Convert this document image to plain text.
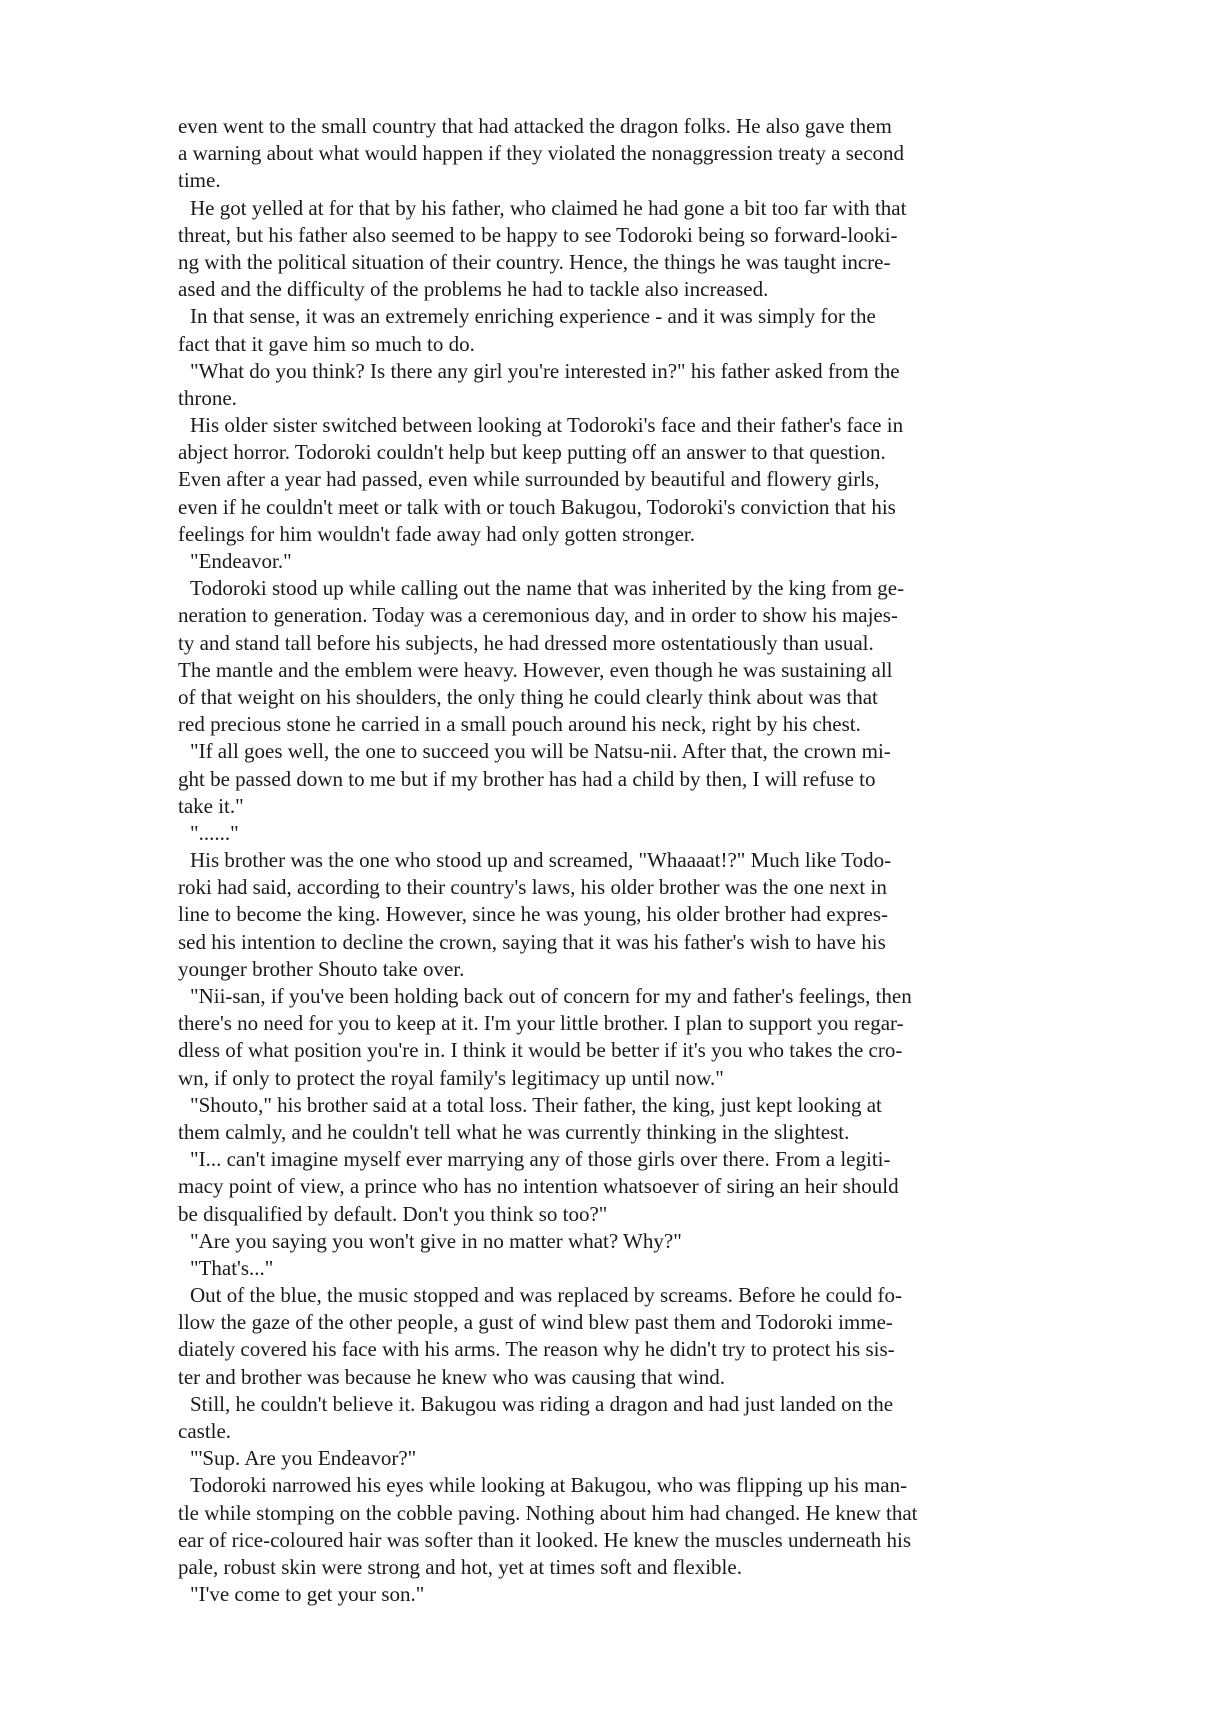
even went to the small country that had attacked the dragon folks. He also gave them
a warning about what would happen if they violated the nonaggression treaty a second
time.
He got yelled at for that by his father, who claimed he had gone a bit too far with that
threat, but his father also seemed to be happy to see Todoroki being so forward-looki-
ng with the political situation of their country. Hence, the things he was taught incre-
ased and the difficulty of the problems he had to tackle also increased.
In that sense, it was an extremely enriching experience - and it was simply for the
fact that it gave him so much to do.
"What do you think? Is there any girl you're interested in?" his father asked from the
throne.
His older sister switched between looking at Todoroki's face and their father's face in
abject horror. Todoroki couldn't help but keep putting off an answer to that question.
Even after a year had passed, even while surrounded by beautiful and flowery girls,
even if he couldn't meet or talk with or touch Bakugou, Todoroki's conviction that his
feelings for him wouldn't fade away had only gotten stronger.
"Endeavor."
Todoroki stood up while calling out the name that was inherited by the king from ge-
neration to generation. Today was a ceremonious day, and in order to show his majes-
ty and stand tall before his subjects, he had dressed more ostentatiously than usual.
The mantle and the emblem were heavy. However, even though he was sustaining all
of that weight on his shoulders, the only thing he could clearly think about was that
red precious stone he carried in a small pouch around his neck, right by his chest.
"If all goes well, the one to succeed you will be Natsu-nii. After that, the crown mi-
ght be passed down to me but if my brother has had a child by then, I will refuse to
take it."
"......"
His brother was the one who stood up and screamed, "Whaaaat!?" Much like Todo-
roki had said, according to their country's laws, his older brother was the one next in
line to become the king. However, since he was young, his older brother had expres-
sed his intention to decline the crown, saying that it was his father's wish to have his
younger brother Shouto take over.
"Nii-san, if you've been holding back out of concern for my and father's feelings, then
there's no need for you to keep at it. I'm your little brother. I plan to support you regar-
dless of what position you're in. I think it would be better if it's you who takes the cro-
wn, if only to protect the royal family's legitimacy up until now."
"Shouto," his brother said at a total loss. Their father, the king, just kept looking at
them calmly, and he couldn't tell what he was currently thinking in the slightest.
"I... can't imagine myself ever marrying any of those girls over there. From a legiti-
macy point of view, a prince who has no intention whatsoever of siring an heir should
be disqualified by default. Don't you think so too?"
"Are you saying you won't give in no matter what? Why?"
"That's..."
Out of the blue, the music stopped and was replaced by screams. Before he could fo-
llow the gaze of the other people, a gust of wind blew past them and Todoroki imme-
diately covered his face with his arms. The reason why he didn't try to protect his sis-
ter and brother was because he knew who was causing that wind.
Still, he couldn't believe it. Bakugou was riding a dragon and had just landed on the
castle.
"'Sup. Are you Endeavor?"
Todoroki narrowed his eyes while looking at Bakugou, who was flipping up his man-
tle while stomping on the cobble paving. Nothing about him had changed. He knew that
ear of rice-coloured hair was softer than it looked. He knew the muscles underneath his
pale, robust skin were strong and hot, yet at times soft and flexible.
"I've come to get your son."
